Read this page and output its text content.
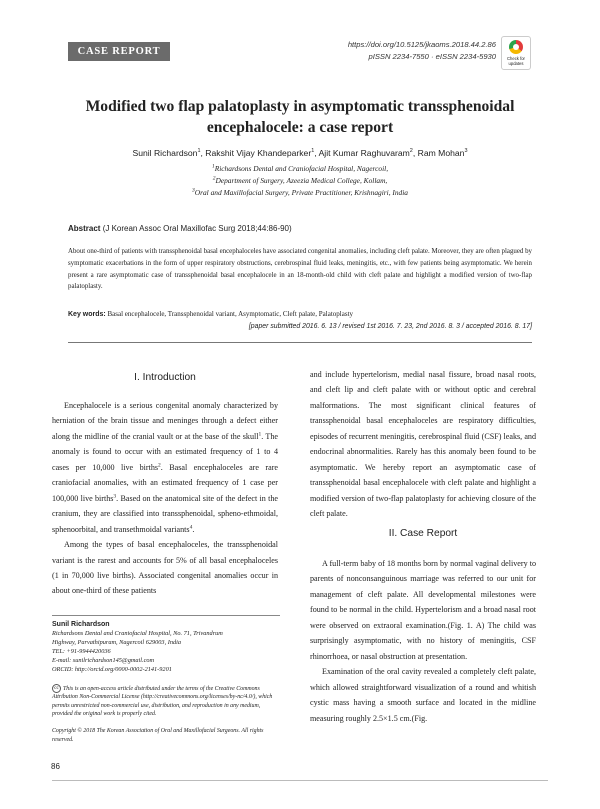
CASE REPORT
https://doi.org/10.5125/jkaoms.2018.44.2.86
pISSN 2234-7550 · eISSN 2234-5930	Check for updates
Modified two flap palatoplasty in asymptomatic transsphenoidal
encephalocele: a case report
Sunil Richardson$^1$, Rakshit Vijay Khandeparker$^1$, Ajit Kumar Raghuvaram$^2$, Ram Mohan$^3$
$^1$Richardsons Dental and Craniofacial Hospital, Nagercoil,
$^2$Department of Surgery, Azeezia Medical College, Kollam,
$^3$Oral and Maxillofacial Surgery, Private Practitioner, Krishnagiri, India
Abstract (J Korean Assoc Oral Maxillofac Surg 2018;44:86-90)
About one-third of patients with transsphenoidal basal encephaloceles have associated congenital anomalies, including cleft palate. Moreover, they are often plagued by symptomatic exacerbations in the form of upper respiratory obstructions, cerebrospinal fluid leaks, meningitis, etc., with few patients being asymptomatic. We herein present a rare asymptomatic case of transsphenoidal basal encephalocele in an 18-month-old child with cleft palate and highlight a modified version of two-flap palatoplasty.
Key words: Basal encephalocele, Transsphenoidal variant, Asymptomatic, Cleft palate, Palatoplasty
[paper submitted 2016. 6. 13 / revised 1st 2016. 7. 23, 2nd 2016. 8. 3 / accepted 2016. 8. 17]
I. Introduction

Encephalocele is a serious congenital anomaly characterized by herniation of the brain tissue and meninges through a defect either along the midline of the cranial vault or at the base of the skull$^1$. The anomaly is found to occur with an estimated frequency of 1 to 4 cases per 10,000 live births$^2$. Basal encephaloceles are rare craniofacial anomalies, with an estimated frequency of 1 case per 100,000 live births$^3$. Based on the anatomical site of the defect in the cranium, they are classified into transsphenoidal, spheno-ethmoidal, sphenoorbital, and transethmoidal variants$^4$.

Among the types of basal encephaloceles, the transsphenoidal variant is the rarest and accounts for 5% of all basal encephaloceles (1 in 70,000 live births). Associated congenital anomalies occur in about one-third of these patients

Sunil Richardson
Richardsons Dental and Craniofacial Hospital, No. 71, Trivandrum
Highway, Parvathipuram, Nagercoil 629003, India
TEL: +91-9944420036
E-mail: sunilrichardson145@gmail.com
ORCID: http://orcid.org/0000-0002-2141-9201
cc This is an open-access article distributed under the terms of the Creative Commons Attribution Non-Commercial License (http://creativecommons.org/licenses/by-nc/4.0/), which permits unrestricted non-commercial use, distribution, and reproduction in any medium, provided the original work is properly cited.
Copyright © 2018 The Korean Association of Oral and Maxillofacial Surgeons. All rights reserved.

and include hypertelorism, medial nasal fissure, broad nasal roots, and cleft lip and cleft palate with or without optic and cerebral malformations. The most significant clinical features of transsphenoidal basal encephaloceles are respiratory difficulties, episodes of recurrent meningitis, cerebrospinal fluid (CSF) leaks, and endocrinal abnormalities. Rarely has this anomaly been found to be asymptomatic. We hereby report an asymptomatic case of transsphenoidal basal encephalocele with cleft palate and highlight a modified version of two-flap palatoplasty for achieving closure of the cleft palate.

II. Case Report

A full-term baby of 18 months born by normal vaginal delivery to parents of nonconsanguinous marriage was referred to our unit for management of cleft palate. All developmental milestones were found to be normal in the child. Hypertelorism and a broad nasal root were observed on extraoral examination.(Fig. 1. A) The child was surprisingly asymptomatic, with no history of meningitis, CSF rhinorrhoea, or nasal obstruction at presentation.

Examination of the oral cavity revealed a completely cleft palate, which allowed straightforward visualization of a round and whitish cystic mass having a smooth surface and located in the midline measuring roughly 2.5×1.5 cm.(Fig.

86
